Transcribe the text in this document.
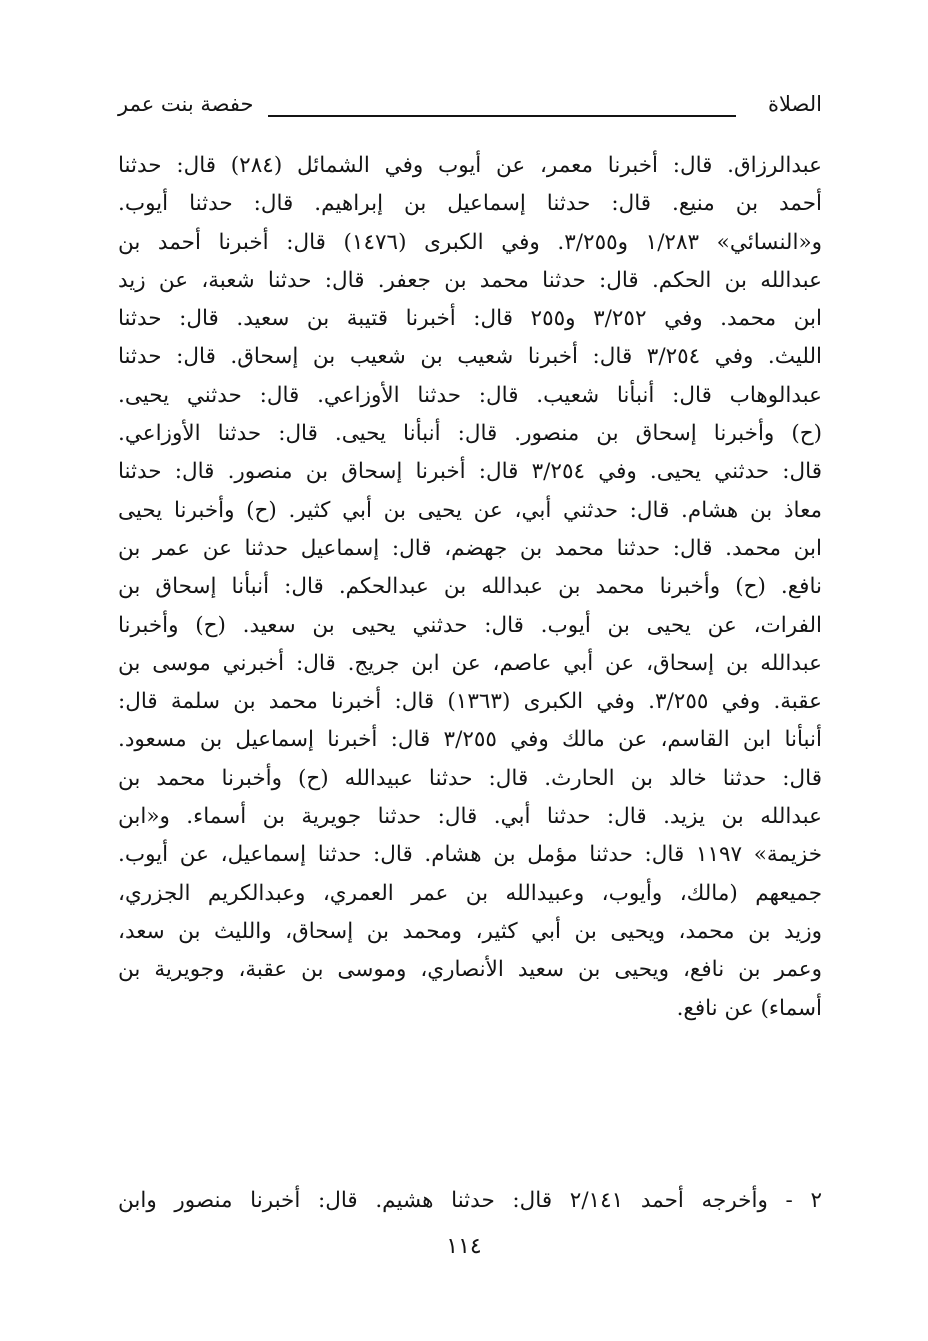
الصلاة
حفصة بنت عمر
عبدالرزاق. قال: أخبرنا معمر، عن أيوب وفي الشمائل (٢٨٤) قال: حدثنا
أحمد بن منيع. قال: حدثنا إسماعيل بن إبراهيم. قال: حدثنا أيوب.
و«النسائي» ١/٢٨٣ و٣/٢٥٥. وفي الكبرى (١٤٧٦) قال: أخبرنا أحمد بن
عبدالله بن الحكم. قال: حدثنا محمد بن جعفر. قال: حدثنا شعبة، عن زيد
ابن محمد. وفي ٣/٢٥٢ و٢٥٥ قال: أخبرنا قتيبة بن سعيد. قال: حدثنا
الليث. وفي ٣/٢٥٤ قال: أخبرنا شعيب بن شعيب بن إسحاق. قال: حدثنا
عبدالوهاب قال: أنبأنا شعيب. قال: حدثنا الأوزاعي. قال: حدثني يحيى.
(ح) وأخبرنا إسحاق بن منصور. قال: أنبأنا يحيى. قال: حدثنا الأوزاعي.
قال: حدثني يحيى. وفي ٣/٢٥٤ قال: أخبرنا إسحاق بن منصور. قال: حدثنا
معاذ بن هشام. قال: حدثني أبي، عن يحيى بن أبي كثير. (ح) وأخبرنا يحيى
ابن محمد. قال: حدثنا محمد بن جهضم، قال: إسماعيل حدثنا عن عمر بن
نافع. (ح) وأخبرنا محمد بن عبدالله بن عبدالحكم. قال: أنبأنا إسحاق بن
الفرات، عن يحيى بن أيوب. قال: حدثني يحيى بن سعيد. (ح) وأخبرنا
عبدالله بن إسحاق، عن أبي عاصم، عن ابن جريج. قال: أخبرني موسى بن
عقبة. وفي ٣/٢٥٥. وفي الكبرى (١٣٦٣) قال: أخبرنا محمد بن سلمة قال:
أنبأنا ابن القاسم، عن مالك وفي ٣/٢٥٥ قال: أخبرنا إسماعيل بن مسعود.
قال: حدثنا خالد بن الحارث. قال: حدثنا عبيدالله (ح) وأخبرنا محمد بن
عبدالله بن يزيد. قال: حدثنا أبي. قال: حدثنا جويرية بن أسماء. و«ابن
خزيمة» ١١٩٧ قال: حدثنا مؤمل بن هشام. قال: حدثنا إسماعيل، عن أيوب.
جميعهم (مالك، وأيوب، وعبيدالله بن عمر العمري، وعبدالكريم الجزري،
وزيد بن محمد، ويحيى بن أبي كثير، ومحمد بن إسحاق، والليث بن سعد،
وعمر بن نافع، ويحيى بن سعيد الأنصاري، وموسى بن عقبة، وجويرية بن
أسماء) عن نافع.
٢ - وأخرجه أحمد ٢/١٤١ قال: حدثنا هشيم. قال: أخبرنا منصور وابن
١١٤
